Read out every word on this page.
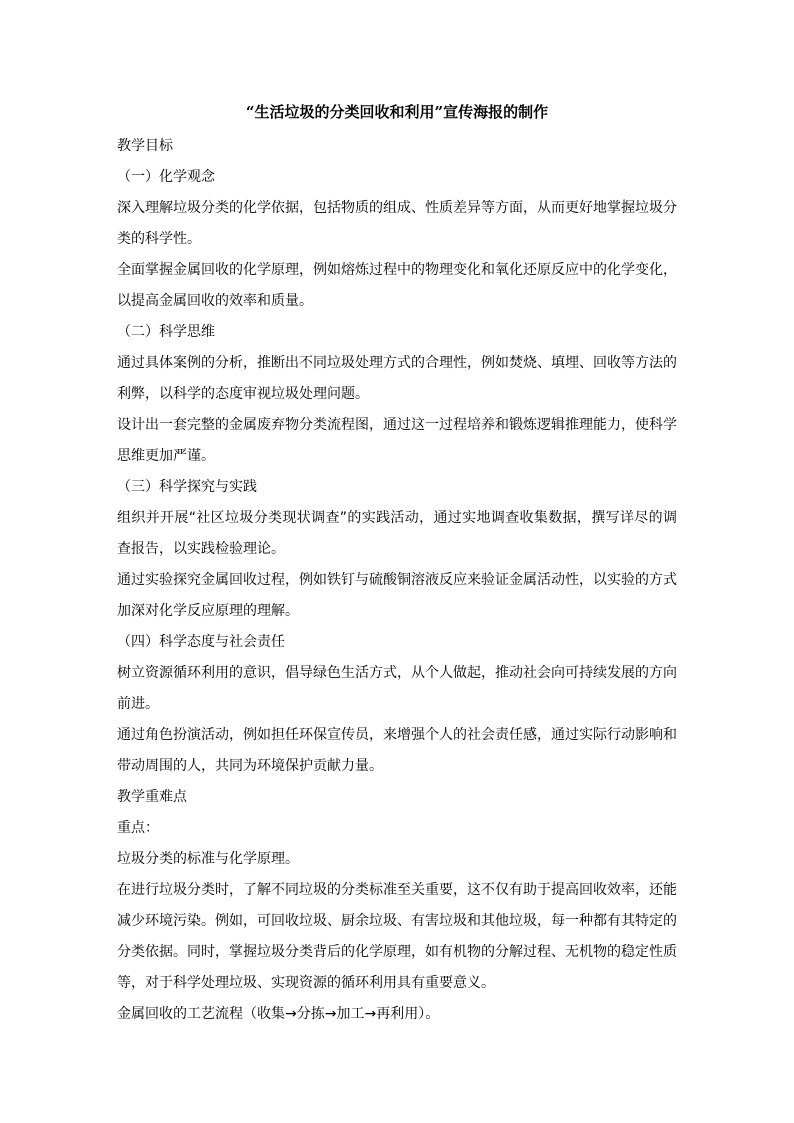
“生活垃圾的分类回收和利用”宣传海报的制作

教学目标

（一）化学观念

深入理解垃圾分类的化学依据，包括物质的组成、性质差异等方面，从而更好地掌握垃圾分类的科学性。

全面掌握金属回收的化学原理，例如熔炼过程中的物理变化和氧化还原反应中的化学变化，以提高金属回收的效率和质量。

（二）科学思维

通过具体案例的分析，推断出不同垃圾处理方式的合理性，例如焚烧、填埋、回收等方法的利弊，以科学的态度审视垃圾处理问题。

设计出一套完整的金属废弃物分类流程图，通过这一过程培养和锻炼逻辑推理能力，使科学思维更加严谨。

（三）科学探究与实践

组织并开展“社区垃圾分类现状调查”的实践活动，通过实地调查收集数据，撰写详尽的调查报告，以实践检验理论。

通过实验探究金属回收过程，例如铁钉与硫酸铜溶液反应来验证金属活动性，以实验的方式加深对化学反应原理的理解。

（四）科学态度与社会责任

树立资源循环利用的意识，倡导绿色生活方式，从个人做起，推动社会向可持续发展的方向前进。

通过角色扮演活动，例如担任环保宣传员，来增强个人的社会责任感，通过实际行动影响和带动周围的人，共同为环境保护贡献力量。

教学重难点

重点：

垃圾分类的标准与化学原理。

在进行垃圾分类时，了解不同垃圾的分类标准至关重要，这不仅有助于提高回收效率，还能减少环境污染。例如，可回收垃圾、厨余垃圾、有害垃圾和其他垃圾，每一种都有其特定的分类依据。同时，掌握垃圾分类背后的化学原理，如有机物的分解过程、无机物的稳定性质等，对于科学处理垃圾、实现资源的循环利用具有重要意义。

金属回收的工艺流程（收集→分拣→加工→再利用）。
